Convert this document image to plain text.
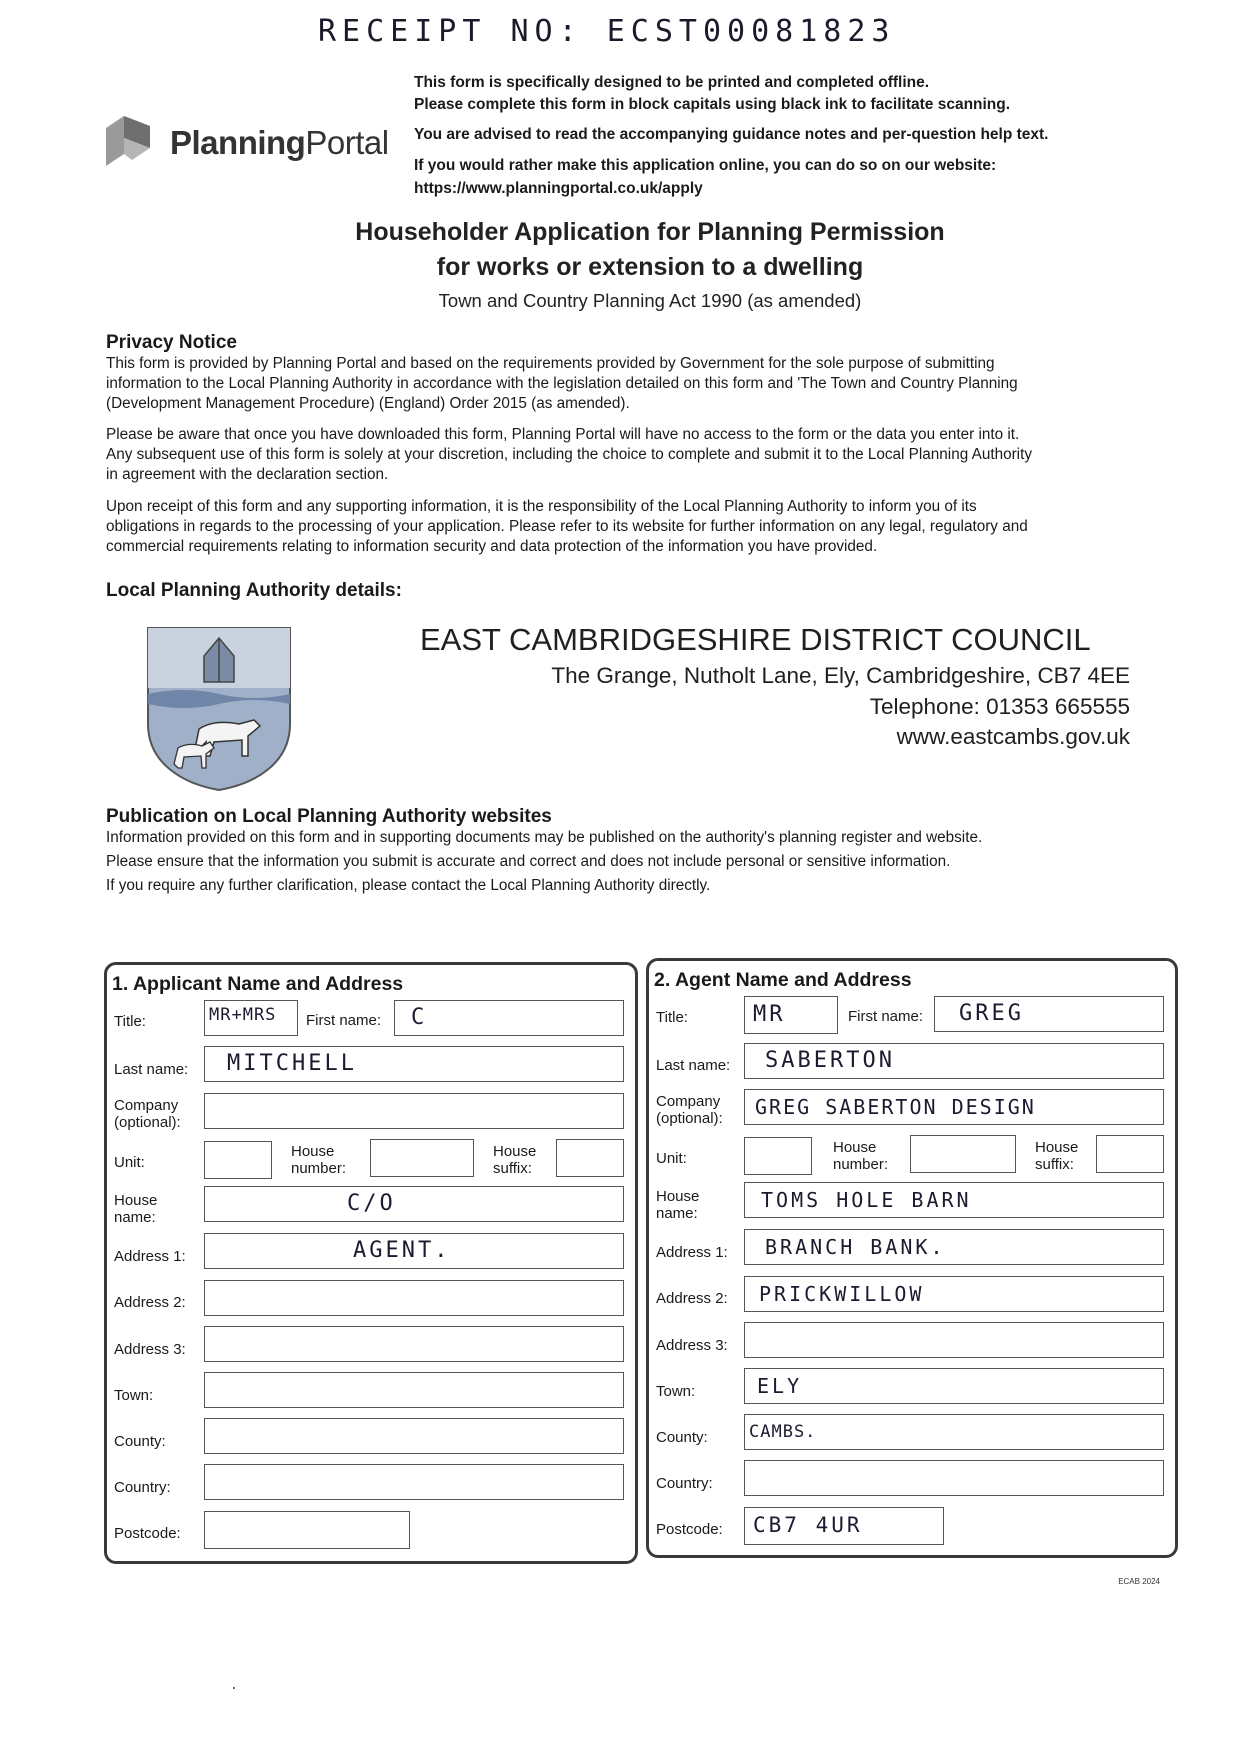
RECEIPT NO: ECST00081823
PlanningPortal
This form is specifically designed to be printed and completed offline.
Please complete this form in block capitals using black ink to facilitate scanning.
You are advised to read the accompanying guidance notes and per-question help text.
If you would rather make this application online, you can do so on our website:
https://www.planningportal.co.uk/apply
Householder Application for Planning Permission
for works or extension to a dwelling
Town and Country Planning Act 1990 (as amended)
Privacy Notice
This form is provided by Planning Portal and based on the requirements provided by Government for the sole purpose of submitting
information to the Local Planning Authority in accordance with the legislation detailed on this form and 'The Town and Country Planning
(Development Management Procedure) (England) Order 2015 (as amended).
Please be aware that once you have downloaded this form, Planning Portal will have no access to the form or the data you enter into it.
Any subsequent use of this form is solely at your discretion, including the choice to complete and submit it to the Local Planning Authority
in agreement with the declaration section.
Upon receipt of this form and any supporting information, it is the responsibility of the Local Planning Authority to inform you of its
obligations in regards to the processing of your application. Please refer to its website for further information on any legal, regulatory and
commercial requirements relating to information security and data protection of the information you have provided.
Local Planning Authority details:
EAST CAMBRIDGESHIRE DISTRICT COUNCIL
The Grange, Nutholt Lane, Ely, Cambridgeshire, CB7 4EE
Telephone: 01353 665555
www.eastcambs.gov.uk
Publication on Local Planning Authority websites
Information provided on this form and in supporting documents may be published on the authority's planning register and website.
Please ensure that the information you submit is accurate and correct and does not include personal or sensitive information.
If you require any further clarification, please contact the Local Planning Authority directly.
1. Applicant Name and Address
Title:	MR+MRS First name: C
Last name: MITCHELL
Company
(optional):
Unit:
House
number:
House
suffix:
House
name:
C/O
Address 1:	AGENT.
Address 2:
Address 3:
Town:
County:
Country:
Postcode:
2. Agent Name and Address
Title:	MR	First name: GREG
Last name: SABERTON
Company
(optional): GREG SABERTON DESIGN
Unit:
House
number:
House
suffix:
House
name:
TOMS HOLE BARN
Address 1: BRANCH BANK.
Address 2: PRICKWILLOW
Address 3:
Town:	ELY
County: CAMBS.
Country:
Postcode: CB7 4UR
ECAB 2024
